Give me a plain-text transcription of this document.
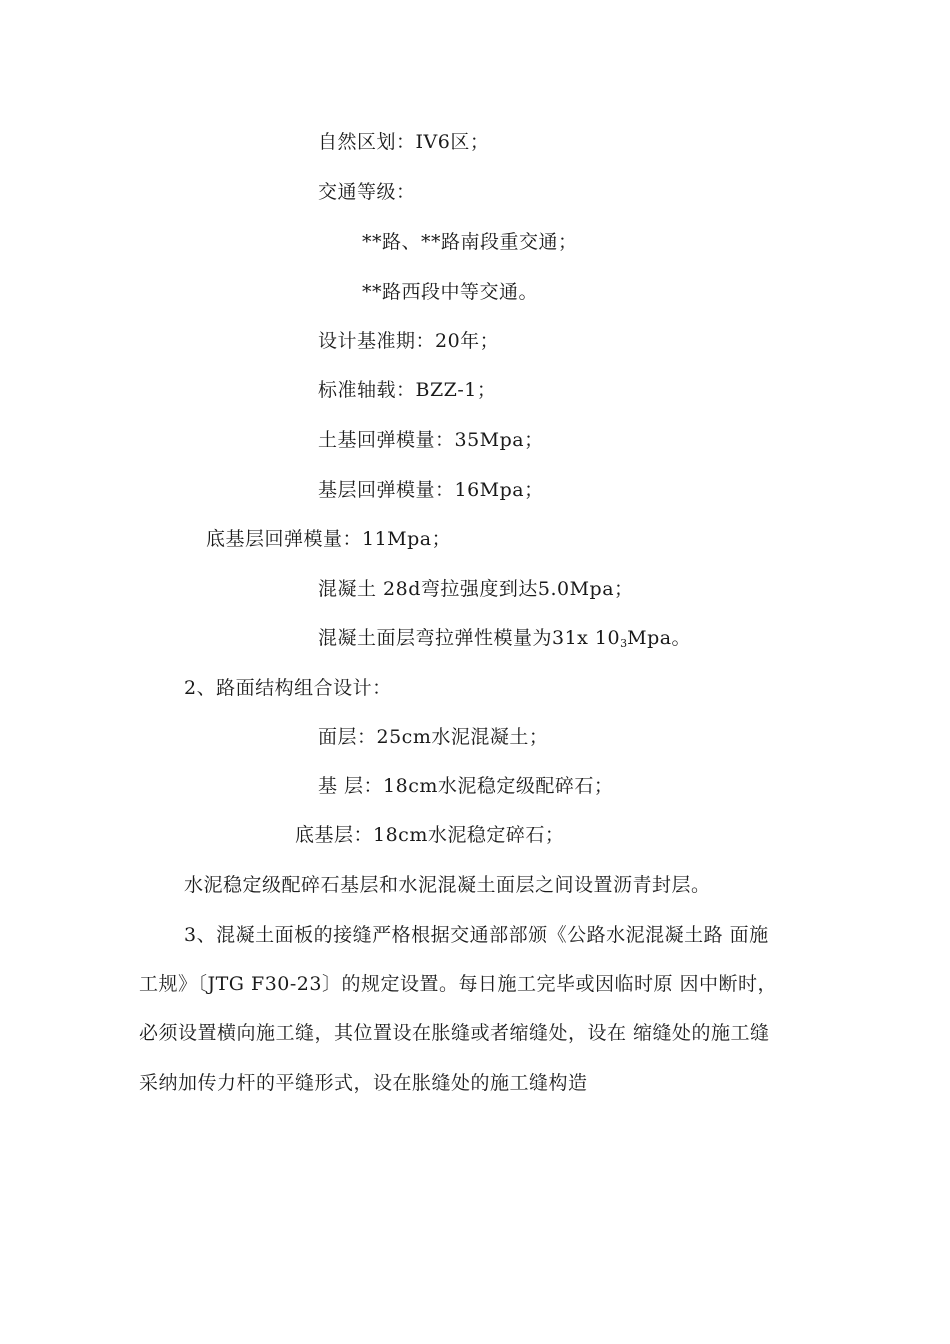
自然区划：IV6区；
交通等级：
**路、**路南段重交通；
**路西段中等交通。
设计基准期：20年；
标准轴载：BZZ-1；
土基回弹模量：35Mpa；
基层回弹模量：16Mpa；
底基层回弹模量：11Mpa；
混凝土 28d弯拉强度到达5.0Mpa；
混凝土面层弯拉弹性模量为31x 103Mpa。
2、路面结构组合设计：
面层：25cm水泥混凝土；
基 层：18cm水泥稳定级配碎石；
底基层：18cm水泥稳定碎石；
水泥稳定级配碎石基层和水泥混凝土面层之间设置沥青封层。
3、混凝土面板的接缝严格根据交通部部颁《公路水泥混凝土路 面施
工规》〔JTG F30-23〕的规定设置。每日施工完毕或因临时原 因中断时，
必须设置横向施工缝，其位置设在胀缝或者缩缝处，设在 缩缝处的施工缝
采纳加传力杆的平缝形式，设在胀缝处的施工缝构造
